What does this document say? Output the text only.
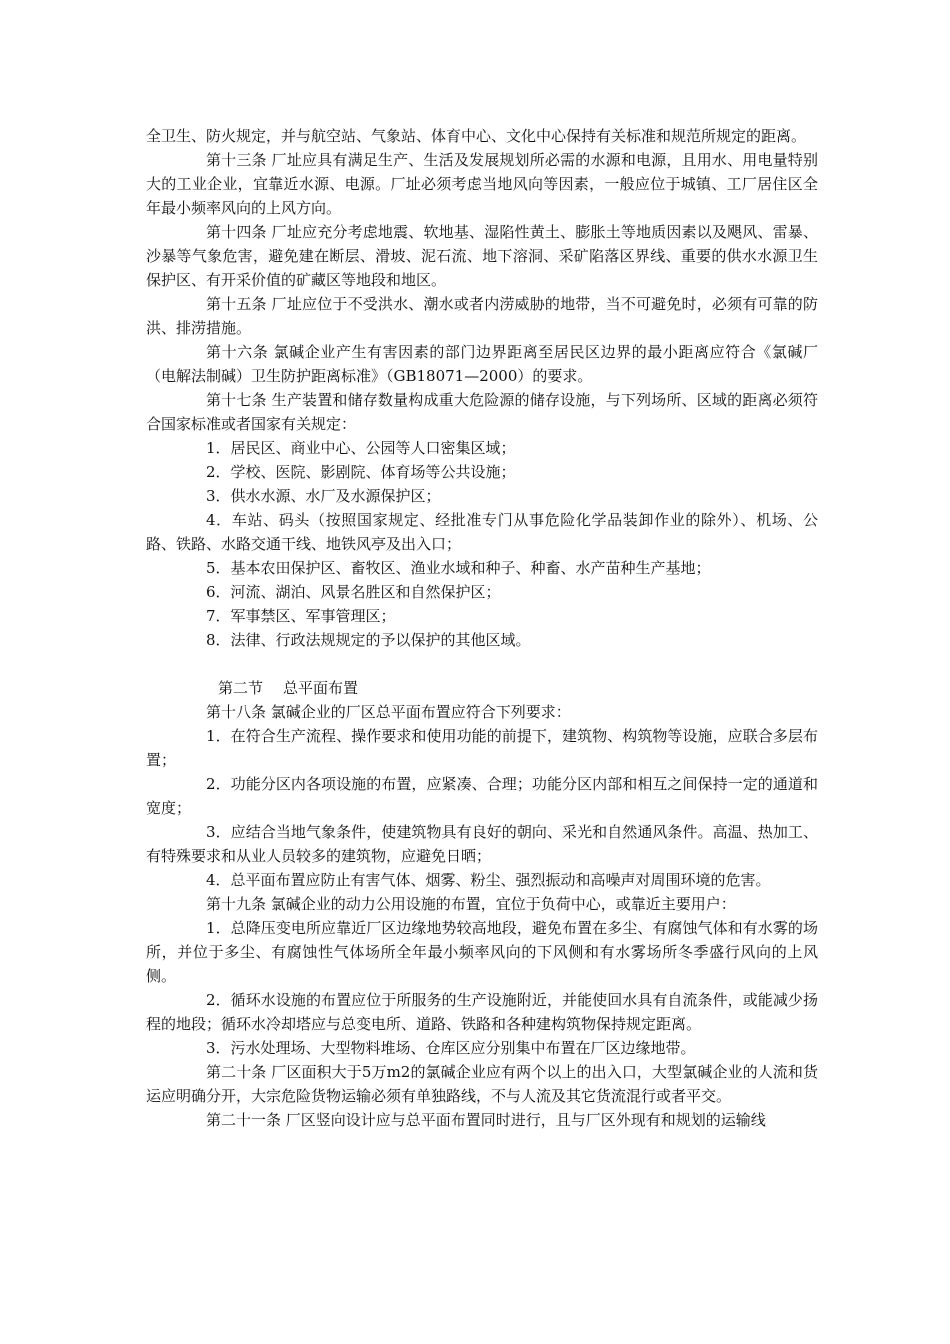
全卫生、防火规定，并与航空站、气象站、体育中心、文化中心保持有关标准和规范所规定的距离。

第十三条 厂址应具有满足生产、生活及发展规划所必需的水源和电源，且用水、用电量特别大的工业企业，宜靠近水源、电源。厂址必须考虑当地风向等因素，一般应位于城镇、工厂居住区全年最小频率风向的上风方向。

第十四条 厂址应充分考虑地震、软地基、湿陷性黄土、膨胀土等地质因素以及飓风、雷暴、沙暴等气象危害，避免建在断层、滑坡、泥石流、地下溶洞、采矿陷落区界线、重要的供水水源卫生保护区、有开采价值的矿藏区等地段和地区。

第十五条 厂址应位于不受洪水、潮水或者内涝威胁的地带，当不可避免时，必须有可靠的防洪、排涝措施。

第十六条 氯碱企业产生有害因素的部门边界距离至居民区边界的最小距离应符合《氯碱厂（电解法制碱）卫生防护距离标准》（GB18071—2000）的要求。

第十七条 生产装置和储存数量构成重大危险源的储存设施，与下列场所、区域的距离必须符合国家标准或者国家有关规定：

1．居民区、商业中心、公园等人口密集区域；

2．学校、医院、影剧院、体育场等公共设施；

3．供水水源、水厂及水源保护区；

4．车站、码头（按照国家规定、经批准专门从事危险化学品装卸作业的除外）、机场、公路、铁路、水路交通干线、地铁风亭及出入口；

5．基本农田保护区、畜牧区、渔业水域和种子、种畜、水产苗种生产基地；

6．河流、湖泊、风景名胜区和自然保护区；

7．军事禁区、军事管理区；

8．法律、行政法规规定的予以保护的其他区域。

第二节 总平面布置

第十八条 氯碱企业的厂区总平面布置应符合下列要求：

1．在符合生产流程、操作要求和使用功能的前提下，建筑物、构筑物等设施，应联合多层布置；

2．功能分区内各项设施的布置，应紧凑、合理；功能分区内部和相互之间保持一定的通道和宽度；

3．应结合当地气象条件，使建筑物具有良好的朝向、采光和自然通风条件。高温、热加工、有特殊要求和从业人员较多的建筑物，应避免日晒；

4．总平面布置应防止有害气体、烟雾、粉尘、强烈振动和高噪声对周围环境的危害。

第十九条 氯碱企业的动力公用设施的布置，宜位于负荷中心，或靠近主要用户：

1．总降压变电所应靠近厂区边缘地势较高地段，避免布置在多尘、有腐蚀气体和有水雾的场所，并位于多尘、有腐蚀性气体场所全年最小频率风向的下风侧和有水雾场所冬季盛行风向的上风侧。

2．循环水设施的布置应位于所服务的生产设施附近，并能使回水具有自流条件，或能减少扬程的地段；循环水冷却塔应与总变电所、道路、铁路和各种建构筑物保持规定距离。

3．污水处理场、大型物料堆场、仓库区应分别集中布置在厂区边缘地带。

第二十条 厂区面积大于5万m2的氯碱企业应有两个以上的出入口，大型氯碱企业的人流和货运应明确分开，大宗危险货物运输必须有单独路线，不与人流及其它货流混行或者平交。

第二十一条 厂区竖向设计应与总平面布置同时进行，且与厂区外现有和规划的运输线
